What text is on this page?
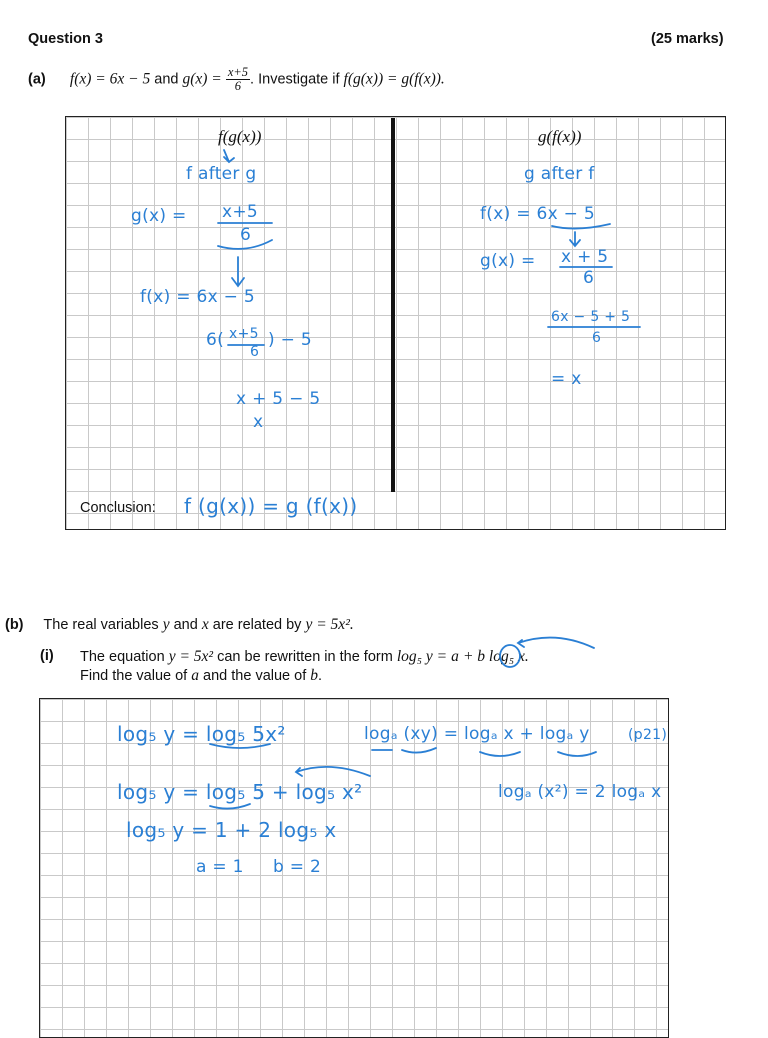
Question 3	(25 marks)
(a) f(x) = 6x − 5 and $g(x) = \frac{x+5}{6}$ . Investigate if f(g(x)) = g(f(x)).
f(g(x))	g(f(x))
f after g
g(x) = x+5
6
f(x) = 6x − 5
6( x+5
6
) − 5
x + 5 − 5
x
g after f
f(x) = 6x − 5
g(x) = x + 5
6
6x − 5 + 5
6
= x
Conclusion: f (g(x)) = g (f(x))
(b) The real variables y and x are related by y = 5x².
(i) The equation y = 5x² can be rewritten in the form log₅ y = a + b log₅ x.
Find the value of a and the value of b.
log₅ y = log₅ 5x²	logₐ (xy) = logₐ x + logₐ y	(p21)
log₅ y = log₅ 5 + log₅ x²	logₐ (x²) = 2 logₐ x
log₅ y = 1 + 2 log₅ x
a = 1 b = 2
